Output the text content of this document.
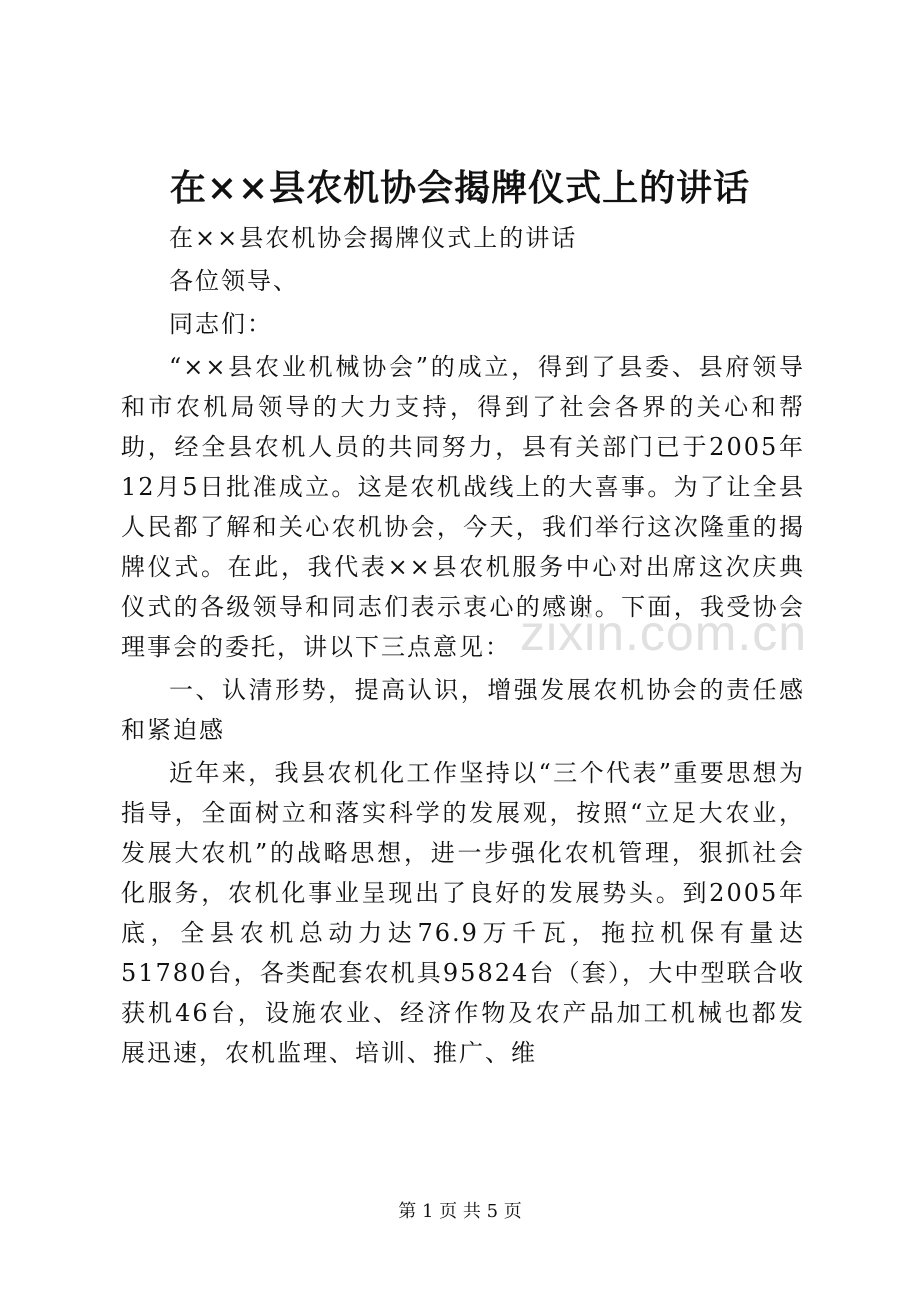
在××县农机协会揭牌仪式上的讲话

在××县农机协会揭牌仪式上的讲话

各位领导、

同志们：

“××县农业机械协会”的成立，得到了县委、县府领导和市农机局领导的大力支持，得到了社会各界的关心和帮助，经全县农机人员的共同努力，县有关部门已于2005年12月5日批准成立。这是农机战线上的大喜事。为了让全县人民都了解和关心农机协会，今天，我们举行这次隆重的揭牌仪式。在此，我代表××县农机服务中心对出席这次庆典仪式的各级领导和同志们表示衷心的感谢。下面，我受协会理事会的委托，讲以下三点意见：

一、认清形势，提高认识，增强发展农机协会的责任感和紧迫感

近年来，我县农机化工作坚持以“三个代表”重要思想为指导，全面树立和落实科学的发展观，按照“立足大农业，发展大农机”的战略思想，进一步强化农机管理，狠抓社会化服务，农机化事业呈现出了良好的发展势头。到2005年底，全县农机总动力达76.9万千瓦，拖拉机保有量达51780台，各类配套农机具95824台（套），大中型联合收获机46台，设施农业、经济作物及农产品加工机械也都发展迅速，农机监理、培训、推广、维

zixin.com.cn
第 1 页 共 5 页
